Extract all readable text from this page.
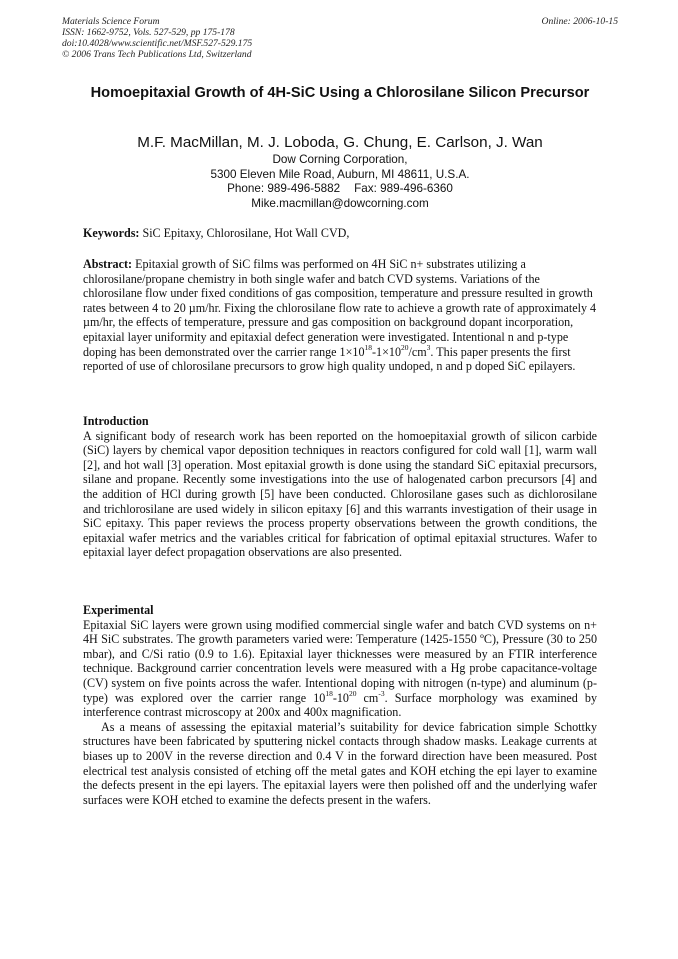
Materials Science Forum
ISSN: 1662-9752, Vols. 527-529, pp 175-178
doi:10.4028/www.scientific.net/MSF.527-529.175
© 2006 Trans Tech Publications Ltd, Switzerland
Online: 2006-10-15
Homoepitaxial Growth of 4H-SiC Using a Chlorosilane Silicon Precursor
M.F. MacMillan, M. J. Loboda, G. Chung, E. Carlson, J. Wan
Dow Corning Corporation,
5300 Eleven Mile Road, Auburn, MI 48611, U.S.A.
Phone: 989-496-5882 Fax: 989-496-6360
Mike.macmillan@dowcorning.com
Keywords: SiC Epitaxy, Chlorosilane, Hot Wall CVD,
Abstract: Epitaxial growth of SiC films was performed on 4H SiC n+ substrates utilizing a chlorosilane/propane chemistry in both single wafer and batch CVD systems. Variations of the chlorosilane flow under fixed conditions of gas composition, temperature and pressure resulted in growth rates between 4 to 20 µm/hr. Fixing the chlorosilane flow rate to achieve a growth rate of approximately 4 µm/hr, the effects of temperature, pressure and gas composition on background dopant incorporation, epitaxial layer uniformity and epitaxial defect generation were investigated. Intentional n and p-type doping has been demonstrated over the carrier range $1\times 10^{18}-1\times 10^{20}/cm^3$. This paper presents the first reported of use of chlorosilane precursors to grow high quality undoped, n and p doped SiC epilayers.
Introduction
A significant body of research work has been reported on the homoepitaxial growth of silicon carbide (SiC) layers by chemical vapor deposition techniques in reactors configured for cold wall [1], warm wall [2], and hot wall [3] operation. Most epitaxial growth is done using the standard SiC epitaxial precursors, silane and propane. Recently some investigations into the use of halogenated carbon precursors [4] and the addition of HCl during growth [5] have been conducted. Chlorosilane gases such as dichlorosilane and trichlorosilane are used widely in silicon epitaxy [6] and this warrants investigation of their usage in SiC epitaxy. This paper reviews the process property observations between the growth conditions, the epitaxial wafer metrics and the variables critical for fabrication of optimal epitaxial structures. Wafer to epitaxial layer defect propagation observations are also presented.
Experimental
Epitaxial SiC layers were grown using modified commercial single wafer and batch CVD systems on n+ 4H SiC substrates. The growth parameters varied were: Temperature (1425-1550 ºC), Pressure (30 to 250 mbar), and C/Si ratio (0.9 to 1.6). Epitaxial layer thicknesses were measured by an FTIR interference technique. Background carrier concentration levels were measured with a Hg probe capacitance-voltage (CV) system on five points across the wafer. Intentional doping with nitrogen (n-type) and aluminum (p-type) was explored over the carrier range $10^{18}-10^{20}$ $cm^{-3}$. Surface morphology was examined by interference contrast microscopy at 200x and 400x magnification.
As a means of assessing the epitaxial material’s suitability for device fabrication simple Schottky structures have been fabricated by sputtering nickel contacts through shadow masks. Leakage currents at biases up to 200V in the reverse direction and 0.4 V in the forward direction have been measured. Post electrical test analysis consisted of etching off the metal gates and KOH etching the epi layer to examine the defects present in the epi layers. The epitaxial layers were then polished off and the underlying wafer surfaces were KOH etched to examine the defects present in the wafers.
